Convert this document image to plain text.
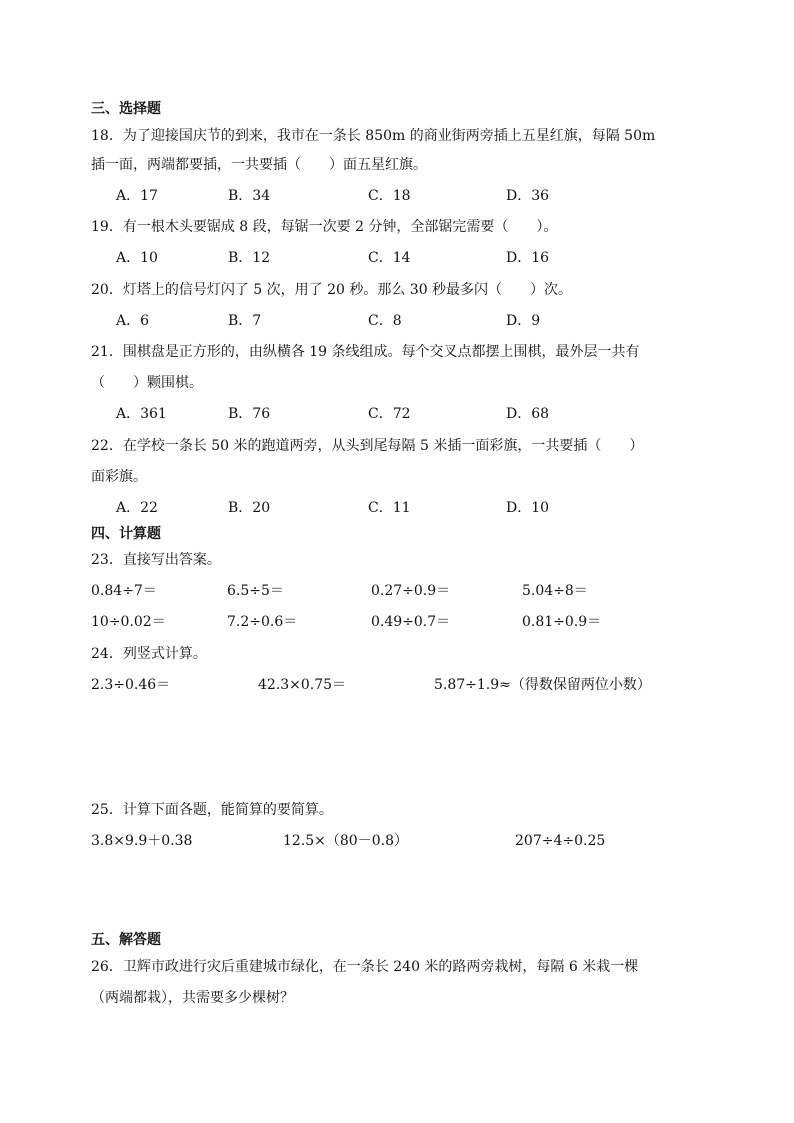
三、选择题
18．为了迎接国庆节的到来，我市在一条长 850m 的商业街两旁插上五星红旗，每隔 50m
插一面，两端都要插，一共要插（　　）面五星红旗。
A．17	B．34	C．18	D．36
19．有一根木头要锯成 8 段，每锯一次要 2 分钟，全部锯完需要（　　）。
A．10	B．12	C．14	D．16
20．灯塔上的信号灯闪了 5 次，用了 20 秒。那么 30 秒最多闪（　　）次。
A．6	B．7	C．8	D．9
21．围棋盘是正方形的，由纵横各 19 条线组成。每个交叉点都摆上围棋，最外层一共有
（　　）颗围棋。
A．361	B．76	C．72	D．68
22．在学校一条长 50 米的跑道两旁，从头到尾每隔 5 米插一面彩旗，一共要插（　　）
面彩旗。
A．22	B．20	C．11	D．10
四、计算题
23．直接写出答案。
0.84÷7＝	6.5÷5＝	0.27÷0.9＝	5.04÷8＝
10÷0.02＝	7.2÷0.6＝	0.49÷0.7＝	0.81÷0.9＝
24．列竖式计算。
2.3÷0.46＝	42.3×0.75＝	5.87÷1.9≈（得数保留两位小数）
25．计算下面各题，能简算的要简算。
3.8×9.9＋0.38	12.5×（80－0.8）	207÷4÷0.25
五、解答题
26．卫辉市政进行灾后重建城市绿化，在一条长 240 米的路两旁栽树，每隔 6 米栽一棵
（两端都栽），共需要多少棵树？
